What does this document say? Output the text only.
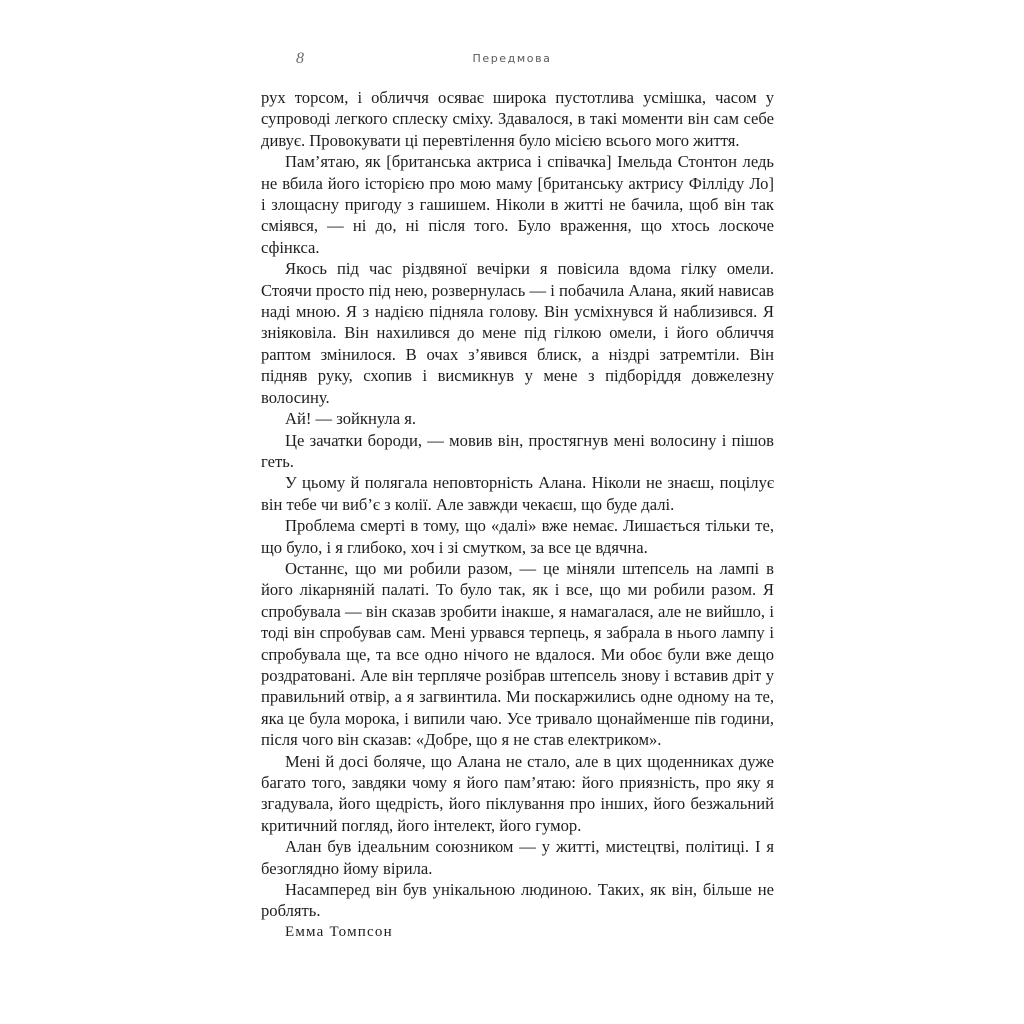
8	Передмова

рух торсом, і обличчя осяває широка пустотлива усмішка, часом у супроводі легкого сплеску сміху. Здавалося, в такі моменти він сам себе дивує. Провокувати ці перевтілення було місією всього мого життя.

Пам’ятаю, як [британська актриса і співачка] Імельда Стонтон ледь не вбила його історією про мою маму [британську актрису Філліду Ло] і злощасну пригоду з гашишем. Ніколи в житті не бачила, щоб він так сміявся, — ні до, ні після того. Було враження, що хтось лоскоче сфінкса.

Якось під час різдвяної вечірки я повісила вдома гілку омели. Стоячи просто під нею, розвернулась — і побачила Алана, який нависав наді мною. Я з надією підняла голову. Він усміхнувся й наблизився. Я зніяковіла. Він нахилився до мене під гілкою омели, і його обличчя раптом змінилося. В очах з’явився блиск, а ніздрі затремтіли. Він підняв руку, схопив і висмикнув у мене з підборіддя довжелезну волосину.

Ай! — зойкнула я.

Це зачатки бороди, — мовив він, простягнув мені волосину і пішов геть.

У цьому й полягала неповторність Алана. Ніколи не знаєш, поцілує він тебе чи виб’є з колії. Але завжди чекаєш, що буде далі.

Проблема смерті в тому, що «далі» вже немає. Лишається тільки те, що було, і я глибоко, хоч і зі смутком, за все це вдячна.

Останнє, що ми робили разом, — це міняли штепсель на лампі в його лікарняній палаті. То було так, як і все, що ми робили разом. Я спробувала — він сказав зробити інакше, я намагалася, але не вийшло, і тоді він спробував сам. Мені урвався терпець, я забрала в нього лампу і спробувала ще, та все одно нічого не вдалося. Ми обоє були вже дещо роздратовані. Але він терпляче розібрав штепсель знову і вставив дріт у правильний отвір, а я загвинтила. Ми поскаржились одне одному на те, яка це була морока, і випили чаю. Усе тривало щонайменше пів години, після чого він сказав: «Добре, що я не став електриком».

Мені й досі боляче, що Алана не стало, але в цих щоденниках дуже багато того, завдяки чому я його пам’ятаю: його приязність, про яку я згадувала, його щедрість, його піклування про інших, його безжальний критичний погляд, його інтелект, його гумор.

Алан був ідеальним союзником — у житті, мистецтві, політиці. І я безоглядно йому вірила.

Насамперед він був унікальною людиною. Таких, як він, більше не роблять.

Емма Томпсон
